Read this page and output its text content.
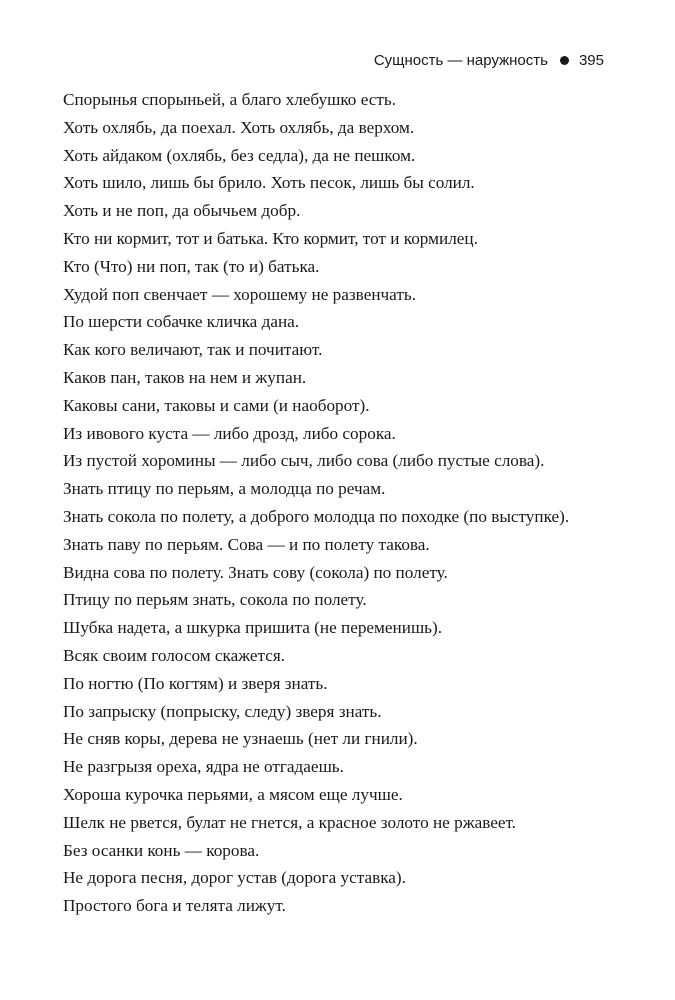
Сущность — наружность 395
Спорынья спорыньей, а благо хлебушко есть.
Хоть охлябь, да поехал. Хоть охлябь, да верхом.
Хоть айдаком (охлябь, без седла), да не пешком.
Хоть шило, лишь бы брило. Хоть песок, лишь бы солил.
Хоть и не поп, да обычьем добр.
Кто ни кормит, тот и батька. Кто кормит, тот и кормилец.
Кто (Что) ни поп, так (то и) батька.
Худой поп свенчает — хорошему не развенчать.
По шерсти собачке кличка дана.
Как кого величают, так и почитают.
Каков пан, таков на нем и жупан.
Каковы сани, таковы и сами (и наоборот).
Из ивового куста — либо дрозд, либо сорока.
Из пустой хоромины — либо сыч, либо сова (либо пустые слова).
Знать птицу по перьям, а молодца по речам.
Знать сокола по полету, а доброго молодца по походке (по выступке).
Знать паву по перьям. Сова — и по полету такова.
Видна сова по полету. Знать сову (сокола) по полету.
Птицу по перьям знать, сокола по полету.
Шубка надета, а шкурка пришита (не переменишь).
Всяк своим голосом скажется.
По ногтю (По когтям) и зверя знать.
По запрыску (попрыску, следу) зверя знать.
Не сняв коры, дерева не узнаешь (нет ли гнили).
Не разгрызя ореха, ядра не отгадаешь.
Хороша курочка перьями, а мясом еще лучше.
Шелк не рвется, булат не гнется, а красное золото не ржавеет.
Без осанки конь — корова.
Не дорога песня, дорог устав (дорога уставка).
Простого бога и телята лижут.
